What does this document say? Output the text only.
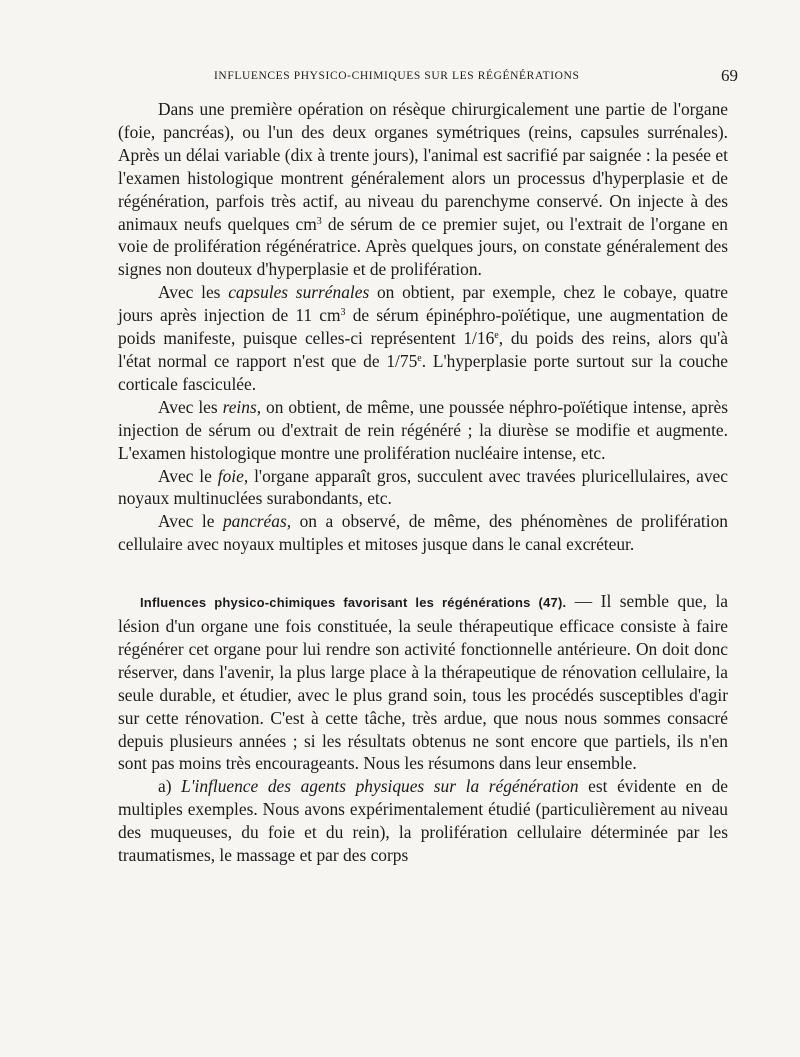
INFLUENCES PHYSICO-CHIMIQUES SUR LES RÉGÉNÉRATIONS	69

Dans une première opération on résèque chirurgicalement une partie de l'organe (foie, pancréas), ou l'un des deux organes symétriques (reins, capsules surrénales). Après un délai variable (dix à trente jours), l'animal est sacrifié par saignée : la pesée et l'examen histologique montrent généralement alors un processus d'hyperplasie et de régénération, parfois très actif, au niveau du parenchyme conservé. On injecte à des animaux neufs quelques $cm^3$ de sérum de ce premier sujet, ou l'extrait de l'organe en voie de prolifération régénératrice. Après quelques jours, on constate généralement des signes non douteux d'hyperplasie et de prolifération.

Avec les capsules surrénales on obtient, par exemple, chez le cobaye, quatre jours après injection de 11 $cm^3$ de sérum épinéphro-poïétique, une augmentation de poids manifeste, puisque celles-ci représentent 1/16e, du poids des reins, alors qu'à l'état normal ce rapport n'est que de 1/75e. L'hyperplasie porte surtout sur la couche corticale fasciculée.

Avec les reins, on obtient, de même, une poussée néphro-poïétique intense, après injection de sérum ou d'extrait de rein régénéré ; la diurèse se modifie et augmente. L'examen histologique montre une prolifération nucléaire intense, etc.

Avec le foie, l'organe apparaît gros, succulent avec travées pluricellulaires, avec noyaux multinuclées surabondants, etc.

Avec le pancréas, on a observé, de même, des phénomènes de prolifération cellulaire avec noyaux multiples et mitoses jusque dans le canal excréteur.

Influences physico-chimiques favorisant les régénérations (47). — Il semble que, la lésion d'un organe une fois constituée, la seule thérapeutique efficace consiste à faire régénérer cet organe pour lui rendre son activité fonctionnelle antérieure. On doit donc réserver, dans l'avenir, la plus large place à la thérapeutique de rénovation cellulaire, la seule durable, et étudier, avec le plus grand soin, tous les procédés susceptibles d'agir sur cette rénovation. C'est à cette tâche, très ardue, que nous nous sommes consacré depuis plusieurs années ; si les résultats obtenus ne sont encore que partiels, ils n'en sont pas moins très encourageants. Nous les résumons dans leur ensemble.

a) L'influence des agents physiques sur la régénération est évidente en de multiples exemples. Nous avons expérimentalement étudié (particulièrement au niveau des muqueuses, du foie et du rein), la prolifération cellulaire déterminée par les traumatismes, le massage et par des corps
